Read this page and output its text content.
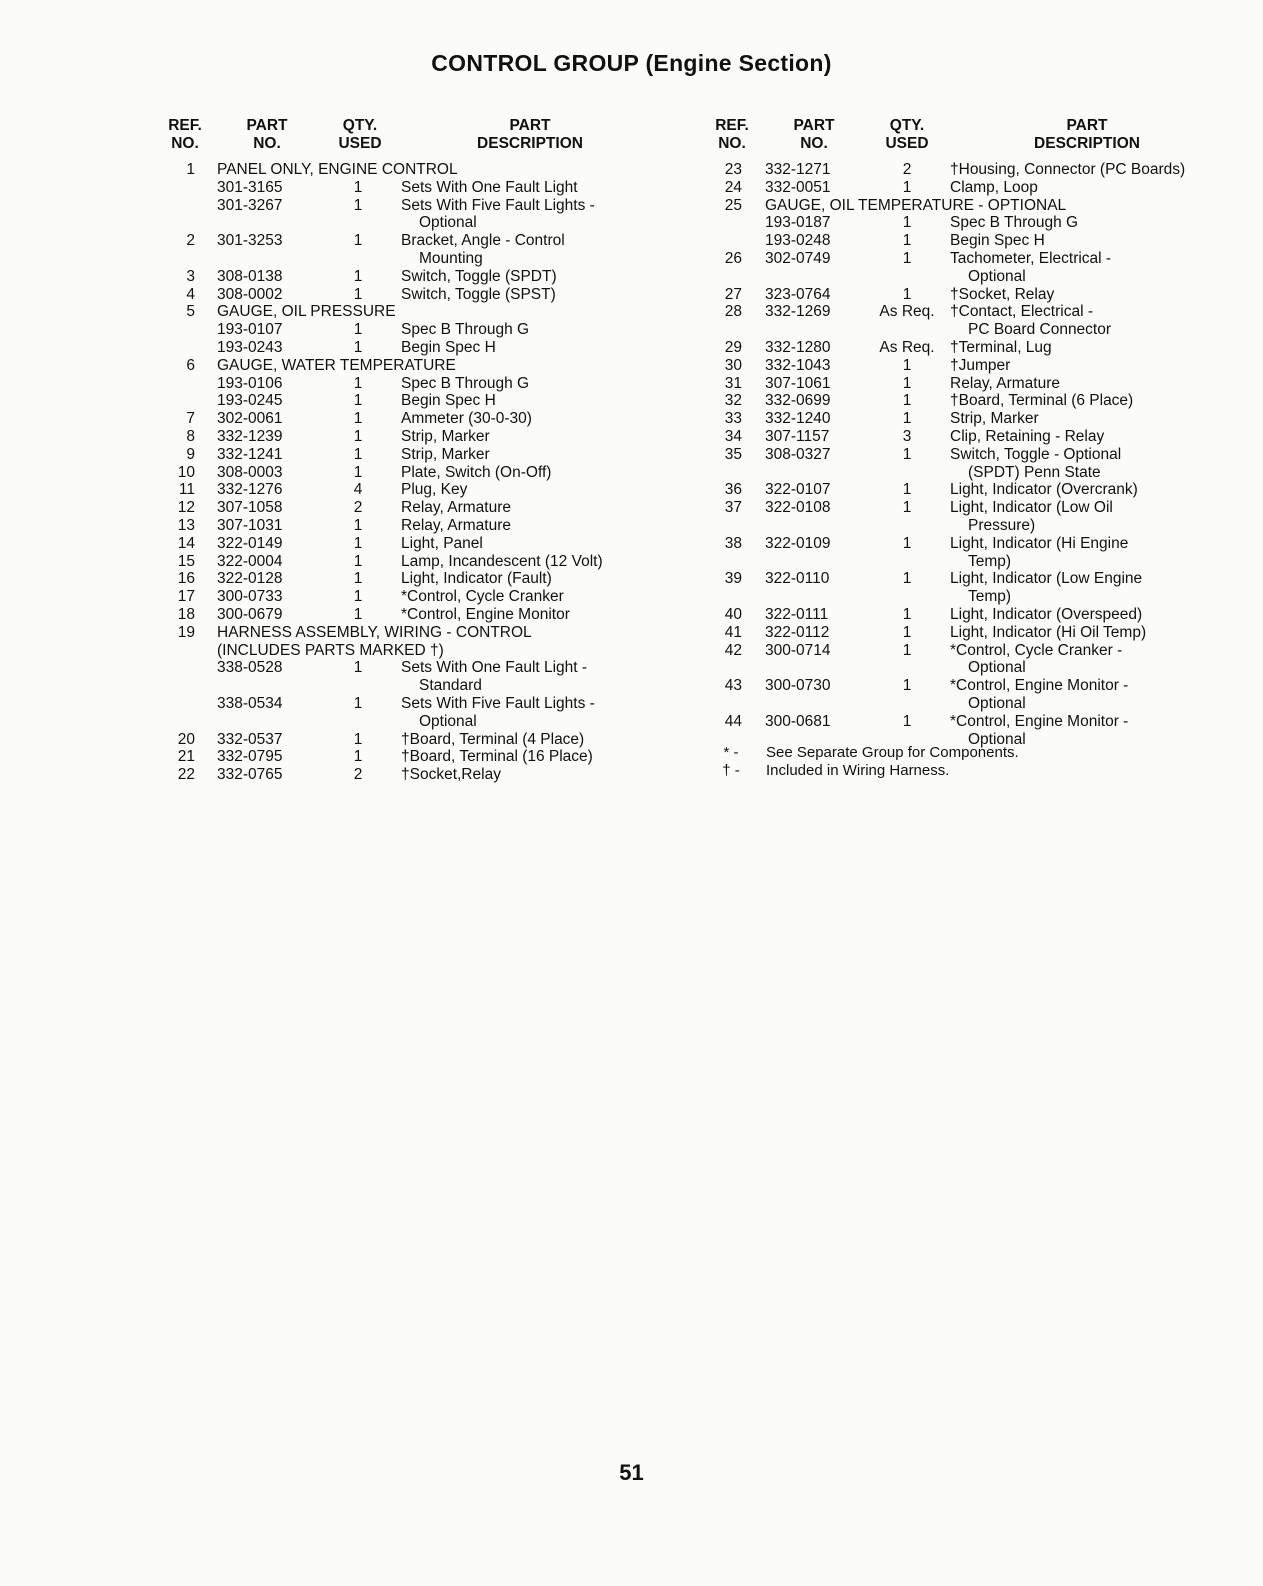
CONTROL GROUP (Engine Section)
REF.
NO.
PART
NO.
QTY.
USED
PART
DESCRIPTION
1 PANEL ONLY, ENGINE CONTROL
301-3165	1	Sets With One Fault Light
301-3267	1	Sets With Five Fault Lights -
Optional
2 301-3253	1	Bracket, Angle - Control
Mounting
3 308-0138	1	Switch, Toggle (SPDT)
4 308-0002	1	Switch, Toggle (SPST)
5 GAUGE, OIL PRESSURE
193-0107	1	Spec B Through G
193-0243	1	Begin Spec H
6 GAUGE, WATER TEMPERATURE
193-0106	1	Spec B Through G
193-0245	1	Begin Spec H
7 302-0061	1	Ammeter (30-0-30)
8 332-1239	1	Strip, Marker
9 332-1241	1	Strip, Marker
10 308-0003	1	Plate, Switch (On-Off)
11 332-1276	4	Plug, Key
12 307-1058	2	Relay, Armature
13 307-1031	1	Relay, Armature
14 322-0149	1	Light, Panel
15 322-0004	1	Lamp, Incandescent (12 Volt)
16 322-0128	1	Light, Indicator (Fault)
17 300-0733	1	*Control, Cycle Cranker
18 300-0679	1	*Control, Engine Monitor
19 HARNESS ASSEMBLY, WIRING - CONTROL
(INCLUDES PARTS MARKED †)
338-0528	1	Sets With One Fault Light -
Standard
338-0534	1	Sets With Five Fault Lights -
Optional
20 332-0537	1	†Board, Terminal (4 Place)
21 332-0795	1	†Board, Terminal (16 Place)
22 332-0765	2	†Socket,Relay
REF.
NO.
PART
NO.
QTY.
USED
PART
DESCRIPTION
23 332-1271	2	†Housing, Connector (PC Boards)
24 332-0051	1	Clamp, Loop
25 GAUGE, OIL TEMPERATURE - OPTIONAL
193-0187	1	Spec B Through G
193-0248	1	Begin Spec H
26 302-0749	1	Tachometer, Electrical -
Optional
27 323-0764	1	†Socket, Relay
28 332-1269	As Req. †Contact, Electrical -
PC Board Connector
29 332-1280	As Req. †Terminal, Lug
30 332-1043	1	†Jumper
31 307-1061	1	Relay, Armature
32 332-0699	1	†Board, Terminal (6 Place)
33 332-1240	1	Strip, Marker
34 307-1157	3	Clip, Retaining - Relay
35 308-0327	1	Switch, Toggle - Optional
(SPDT) Penn State
36 322-0107	1	Light, Indicator (Overcrank)
37 322-0108	1	Light, Indicator (Low Oil
Pressure)
38 322-0109	1	Light, Indicator (Hi Engine
Temp)
39 322-0110	1	Light, Indicator (Low Engine
Temp)
40 322-0111	1	Light, Indicator (Overspeed)
41 322-0112	1	Light, Indicator (Hi Oil Temp)
42 300-0714	1	*Control, Cycle Cranker -
Optional
43 300-0730	1	*Control, Engine Monitor -
Optional
44 300-0681	1	*Control, Engine Monitor -
Optional
* -	See Separate Group for Components.
† - Included in Wiring Harness.
51
